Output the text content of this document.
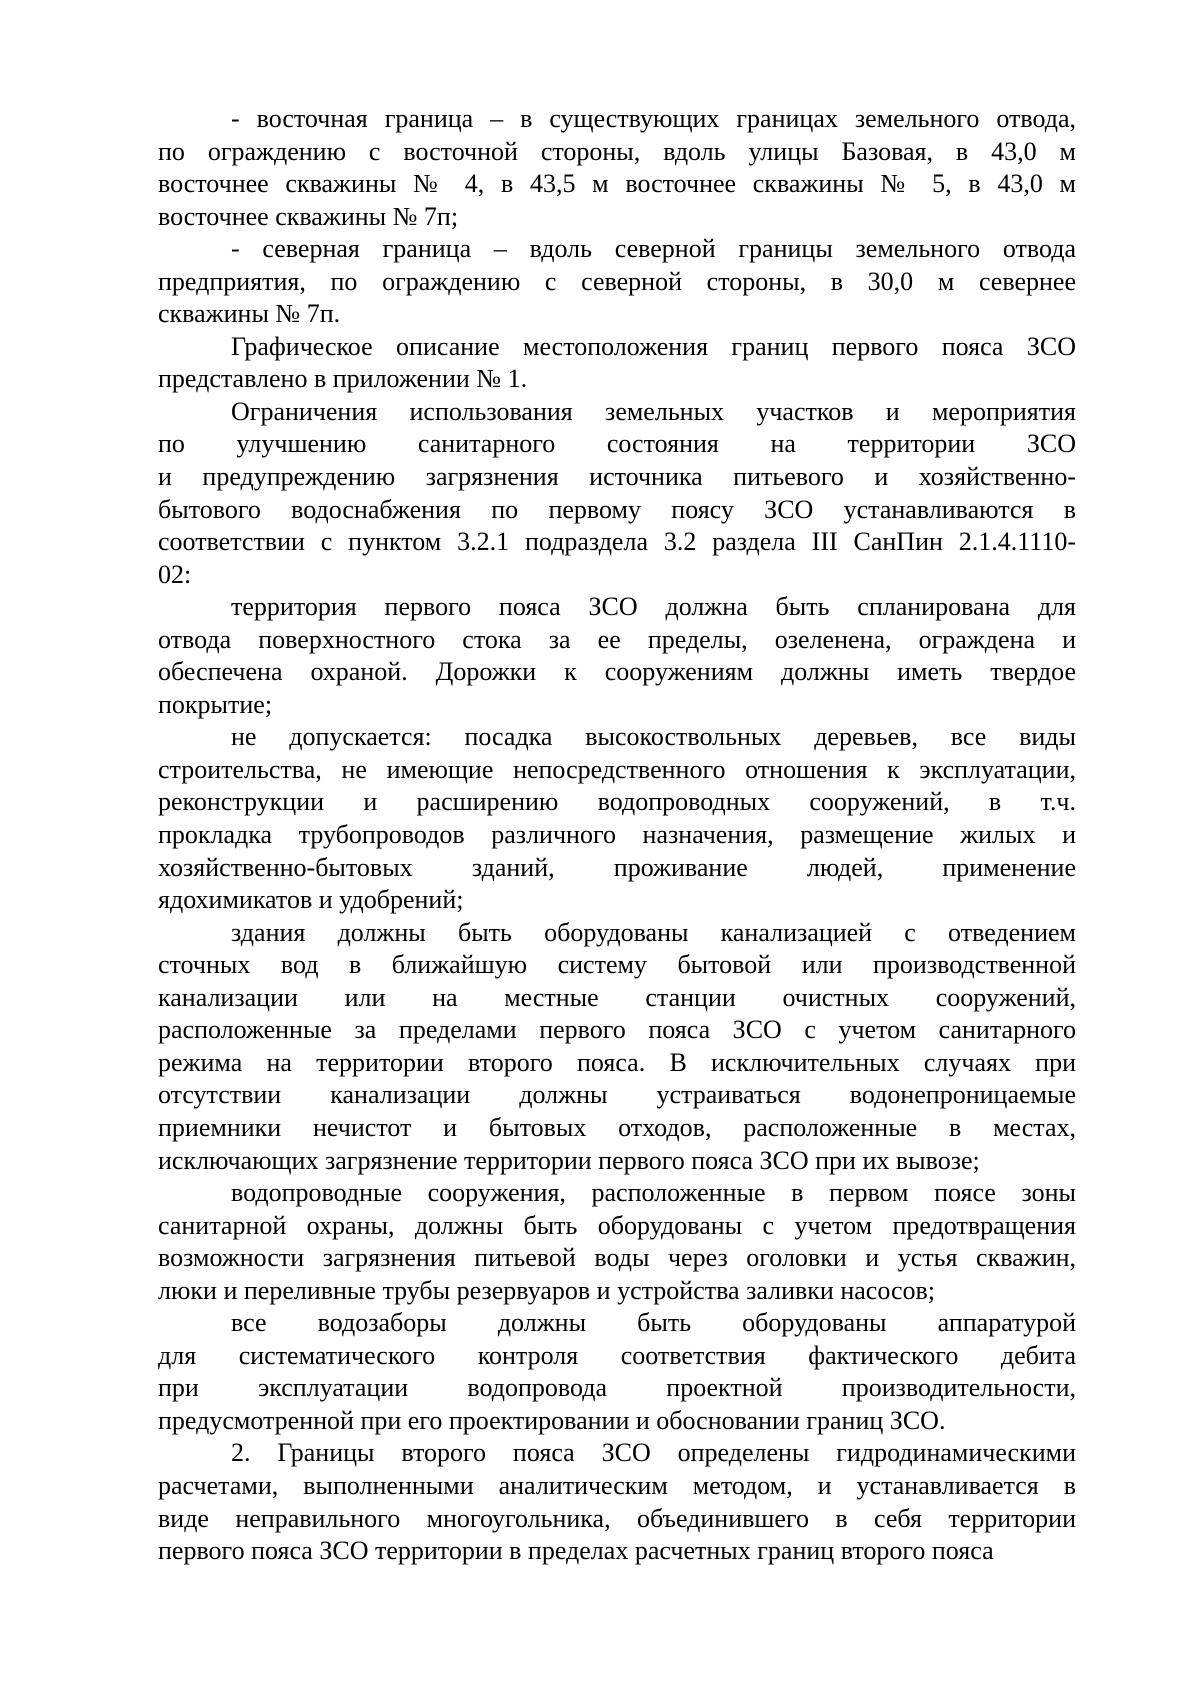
- восточная граница – в существующих границах земельного отвода,
по ограждению с восточной стороны, вдоль улицы Базовая, в 43,0 м
восточнее скважины № 4, в 43,5 м восточнее скважины № 5, в 43,0 м
восточнее скважины № 7п;
- северная граница – вдоль северной границы земельного отвода
предприятия, по ограждению с северной стороны, в 30,0 м севернее
скважины № 7п.
Графическое описание местоположения границ первого пояса ЗСО
представлено в приложении № 1.
Ограничения использования земельных участков и мероприятия
по улучшению санитарного состояния на территории ЗСО
и предупреждению загрязнения источника питьевого и хозяйственно-
бытового водоснабжения по первому поясу ЗСО устанавливаются в
соответствии с пунктом 3.2.1 подраздела 3.2 раздела III СанПин 2.1.4.1110-
02:
территория первого пояса ЗСО должна быть спланирована для
отвода поверхностного стока за ее пределы, озеленена, ограждена и
обеспечена охраной. Дорожки к сооружениям должны иметь твердое
покрытие;
не допускается: посадка высокоствольных деревьев, все виды
строительства, не имеющие непосредственного отношения к эксплуатации,
реконструкции и расширению водопроводных сооружений, в т.ч.
прокладка трубопроводов различного назначения, размещение жилых и
хозяйственно-бытовых зданий, проживание людей, применение
ядохимикатов и удобрений;
здания должны быть оборудованы канализацией с отведением
сточных вод в ближайшую систему бытовой или производственной
канализации или на местные станции очистных сооружений,
расположенные за пределами первого пояса ЗСО с учетом санитарного
режима на территории второго пояса. В исключительных случаях при
отсутствии канализации должны устраиваться водонепроницаемые
приемники нечистот и бытовых отходов, расположенные в местах,
исключающих загрязнение территории первого пояса ЗСО при их вывозе;
водопроводные сооружения, расположенные в первом поясе зоны
санитарной охраны, должны быть оборудованы с учетом предотвращения
возможности загрязнения питьевой воды через оголовки и устья скважин,
люки и переливные трубы резервуаров и устройства заливки насосов;
все водозаборы должны быть оборудованы аппаратурой
для систематического контроля соответствия фактического дебита
при эксплуатации водопровода проектной производительности,
предусмотренной при его проектировании и обосновании границ ЗСО.
2. Границы второго пояса ЗСО определены гидродинамическими
расчетами, выполненными аналитическим методом, и устанавливается в
виде неправильного многоугольника, объединившего в себя территории
первого пояса ЗСО территории в пределах расчетных границ второго пояса
